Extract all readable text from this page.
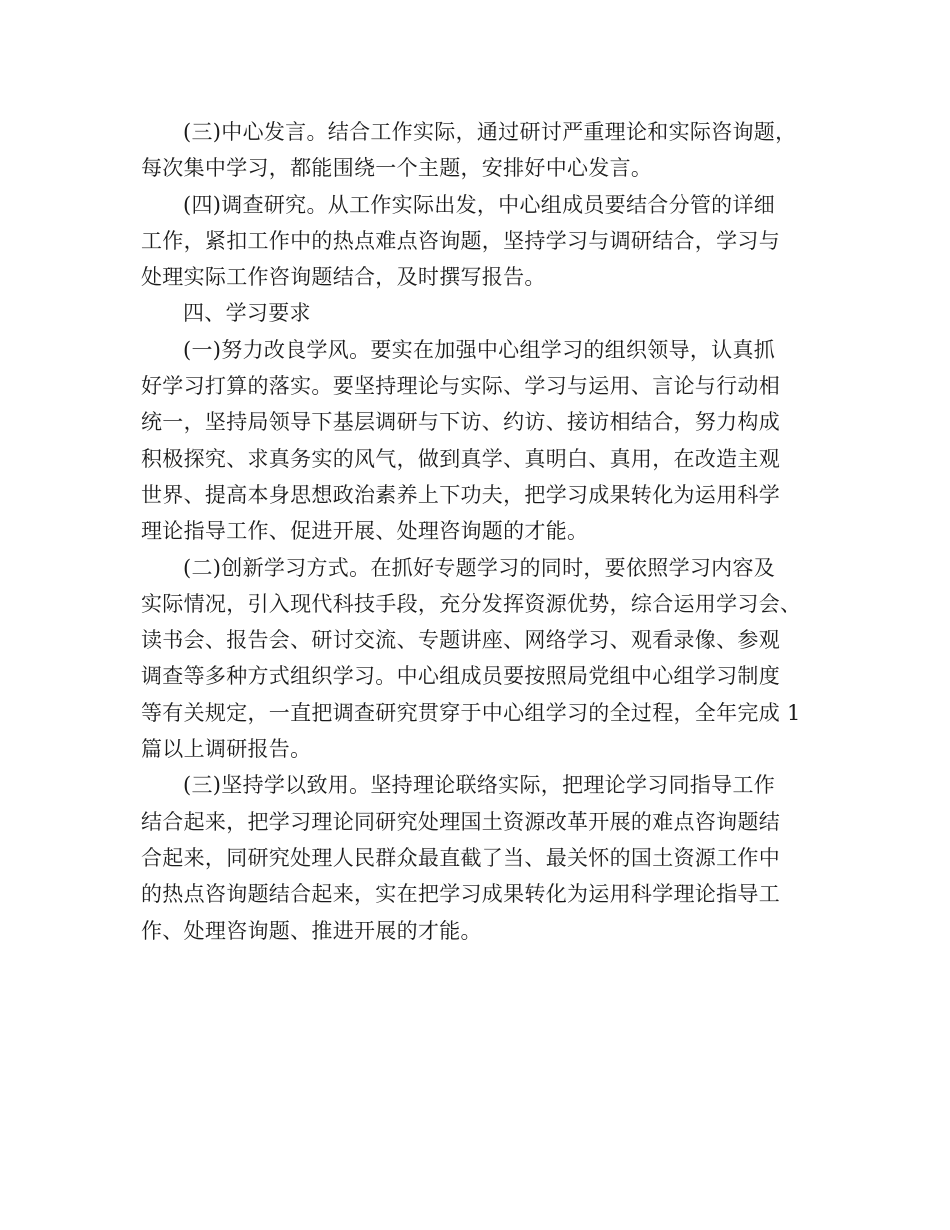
(三)中心发言。结合工作实际，通过研讨严重理论和实际咨询题，
每次集中学习，都能围绕一个主题，安排好中心发言。
(四)调查研究。从工作实际出发，中心组成员要结合分管的详细
工作，紧扣工作中的热点难点咨询题，坚持学习与调研结合，学习与
处理实际工作咨询题结合，及时撰写报告。
四、学习要求
(一)努力改良学风。要实在加强中心组学习的组织领导，认真抓
好学习打算的落实。要坚持理论与实际、学习与运用、言论与行动相
统一，坚持局领导下基层调研与下访、约访、接访相结合，努力构成
积极探究、求真务实的风气，做到真学、真明白、真用，在改造主观
世界、提高本身思想政治素养上下功夫，把学习成果转化为运用科学
理论指导工作、促进开展、处理咨询题的才能。
(二)创新学习方式。在抓好专题学习的同时，要依照学习内容及
实际情况，引入现代科技手段，充分发挥资源优势，综合运用学习会、
读书会、报告会、研讨交流、专题讲座、网络学习、观看录像、参观
调查等多种方式组织学习。中心组成员要按照局党组中心组学习制度
等有关规定，一直把调查研究贯穿于中心组学习的全过程，全年完成 1
篇以上调研报告。
(三)坚持学以致用。坚持理论联络实际，把理论学习同指导工作
结合起来，把学习理论同研究处理国土资源改革开展的难点咨询题结
合起来，同研究处理人民群众最直截了当、最关怀的国土资源工作中
的热点咨询题结合起来，实在把学习成果转化为运用科学理论指导工
作、处理咨询题、推进开展的才能。
